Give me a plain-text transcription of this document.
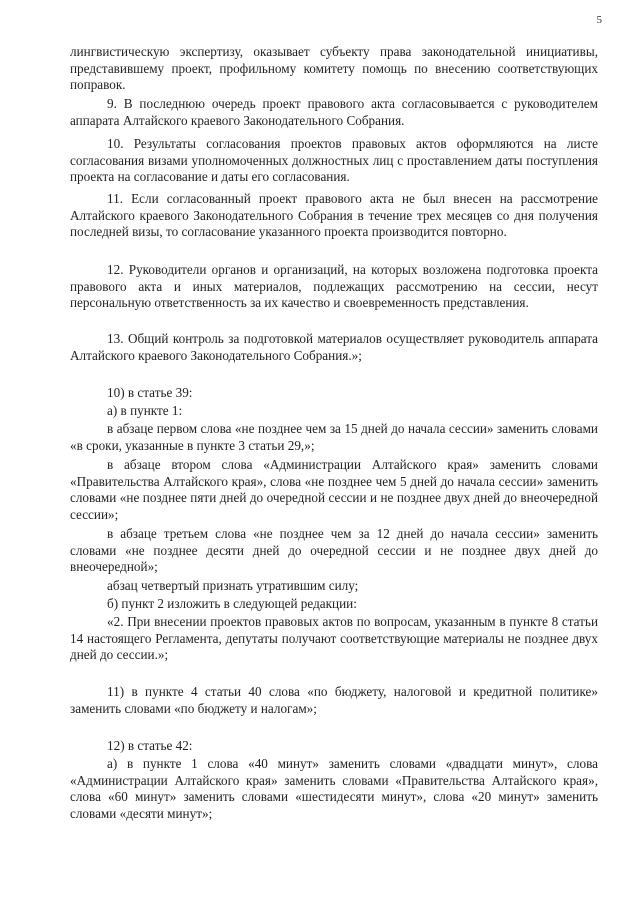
5

лингвистическую экспертизу, оказывает субъекту права законодательной инициативы, представившему проект, профильному комитету помощь по внесению соответствующих поправок.

9. В последнюю очередь проект правового акта согласовывается с руководителем аппарата Алтайского краевого Законодательного Собрания.

10. Результаты согласования проектов правовых актов оформляются на листе согласования визами уполномоченных должностных лиц с проставлением даты поступления проекта на согласование и даты его согласования.

11. Если согласованный проект правового акта не был внесен на рассмотрение Алтайского краевого Законодательного Собрания в течение трех месяцев со дня получения последней визы, то согласование указанного проекта производится повторно.

12. Руководители органов и организаций, на которых возложена подготовка проекта правового акта и иных материалов, подлежащих рассмотрению на сессии, несут персональную ответственность за их качество и своевременность представления.

13. Общий контроль за подготовкой материалов осуществляет руководитель аппарата Алтайского краевого Законодательного Собрания.»;

10) в статье 39:

а) в пункте 1:

в абзаце первом слова «не позднее чем за 15 дней до начала сессии» заменить словами «в сроки, указанные в пункте 3 статьи 29,»;

в абзаце втором слова «Администрации Алтайского края» заменить словами «Правительства Алтайского края», слова «не позднее чем 5 дней до начала сессии» заменить словами «не позднее пяти дней до очередной сессии и не позднее двух дней до внеочередной сессии»;

в абзаце третьем слова «не позднее чем за 12 дней до начала сессии» заменить словами «не позднее десяти дней до очередной сессии и не позднее двух дней до внеочередной»;

абзац четвертый признать утратившим силу;

б) пункт 2 изложить в следующей редакции:

«2. При внесении проектов правовых актов по вопросам, указанным в пункте 8 статьи 14 настоящего Регламента, депутаты получают соответствующие материалы не позднее двух дней до сессии.»;

11) в пункте 4 статьи 40 слова «по бюджету, налоговой и кредитной политике» заменить словами «по бюджету и налогам»;

12) в статье 42:

а) в пункте 1 слова «40 минут» заменить словами «двадцати минут», слова «Администрации Алтайского края» заменить словами «Правительства Алтайского края», слова «60 минут» заменить словами «шестидесяти минут», слова «20 минут» заменить словами «десяти минут»;
